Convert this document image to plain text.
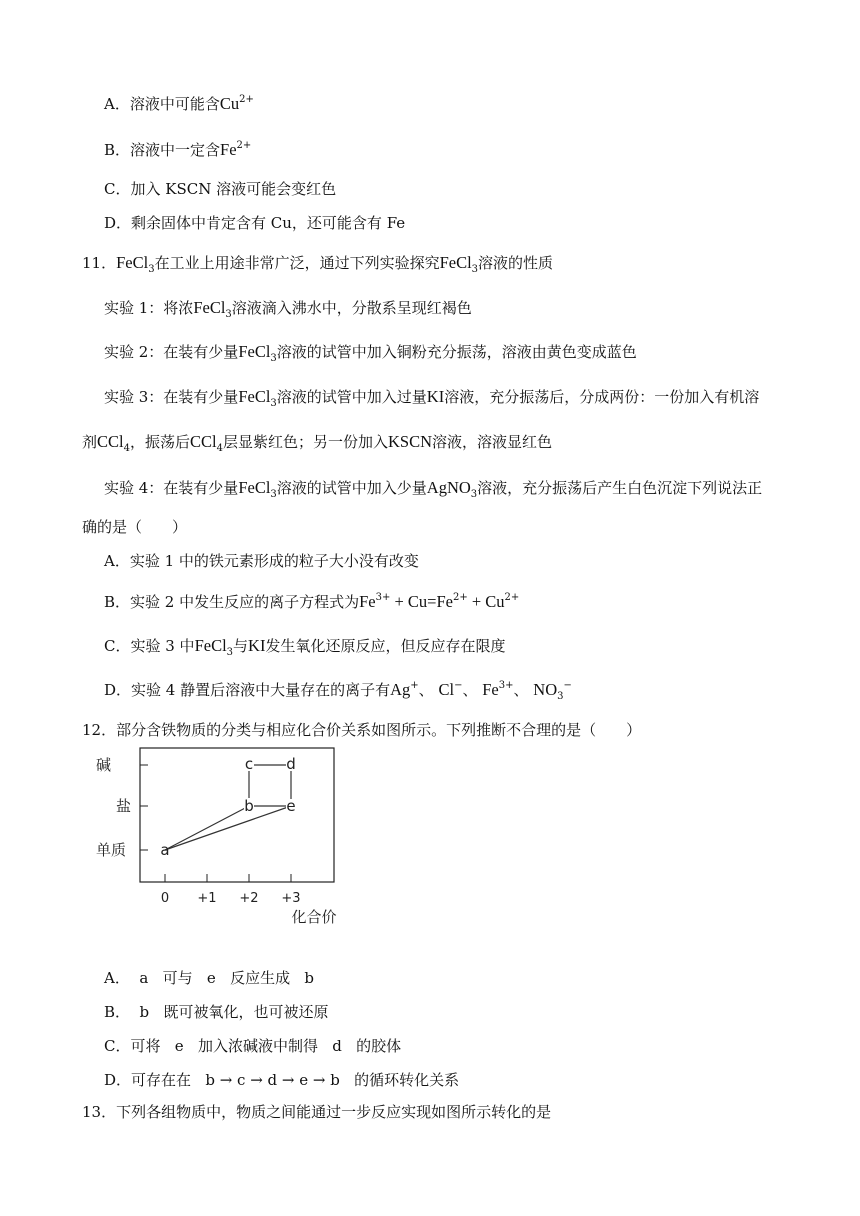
A．溶液中可能含$Cu^{2+}$
B．溶液中一定含$Fe^{2+}$
C．加入 KSCN 溶液可能会变红色
D．剩余固体中肯定含有 Cu，还可能含有 Fe
11．FeCl$_3$在工业上用途非常广泛，通过下列实验探究FeCl$_3$溶液的性质
实验 1：将浓FeCl$_3$溶液滴入沸水中，分散系呈现红褐色
实验 2：在装有少量FeCl$_3$溶液的试管中加入铜粉充分振荡，溶液由黄色变成蓝色
实验 3：在装有少量FeCl$_3$溶液的试管中加入过量KI溶液，充分振荡后，分成两份：一份加入有机溶
剂CCl$_4$，振荡后CCl$_4$层显紫红色；另一份加入KSCN溶液，溶液显红色
实验 4：在装有少量FeCl$_3$溶液的试管中加入少量AgNO$_3$溶液，充分振荡后产生白色沉淀下列说法正
确的是（　　）
A．实验 1 中的铁元素形成的粒子大小没有改变
B．实验 2 中发生反应的离子方程式为$Fe^{3+} + Cu=Fe^{2+} + Cu^{2+}$
C．实验 3 中FeCl$_3$与KI发生氧化还原反应，但反应存在限度
D．实验 4 静置后溶液中大量存在的离子有Ag+、 Cl−、 $Fe^{3+}$、 $NO_3^-$
12．部分含铁物质的分类与相应化合价关系如图所示。下列推断不合理的是（　　）
碱
盐
单质
0 +1 +2 +3
化合价
c d
b e
a
A．  a   可与   e   反应生成   b
B．  b   既可被氧化，也可被还原
C．可将   e   加入浓碱液中制得   d   的胶体
D．可存在在   b → c → d → e → b   的循环转化关系
13．下列各组物质中，物质之间能通过一步反应实现如图所示转化的是
